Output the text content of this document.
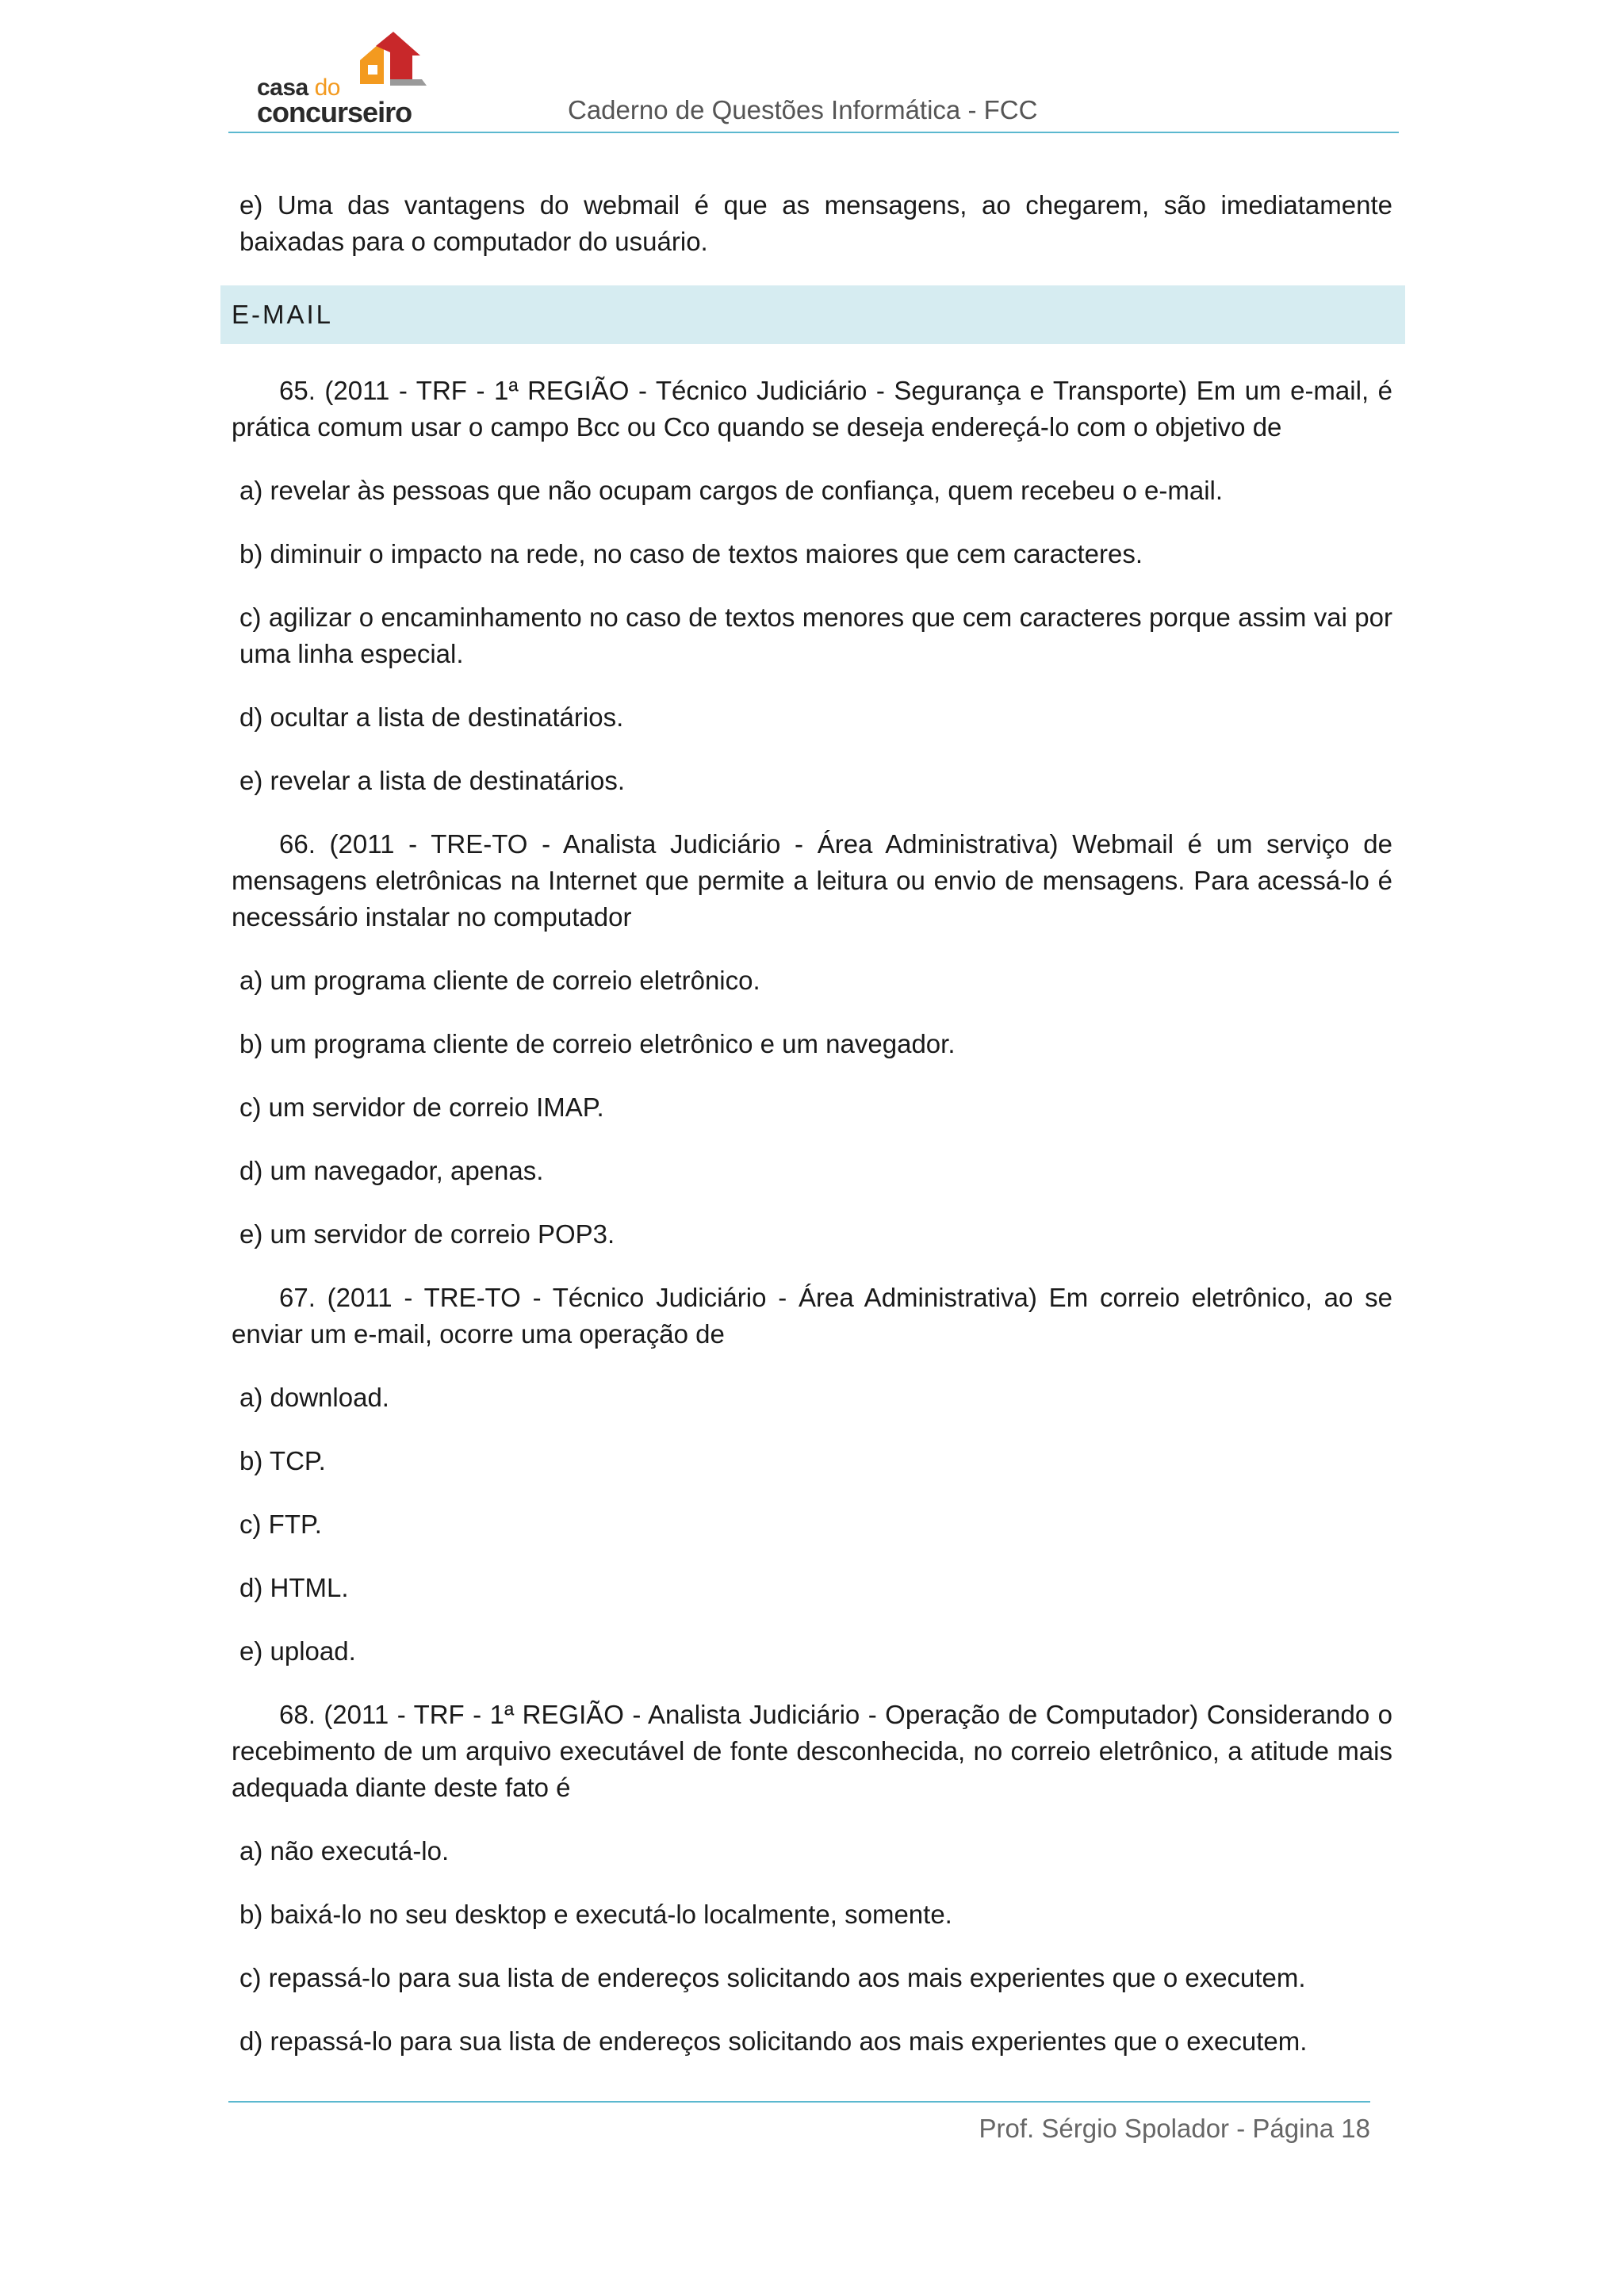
casa do
concurseiro	Caderno de Questões Informática - FCC

e) Uma das vantagens do webmail é que as mensagens, ao chegarem, são imediatamente baixadas para o computador do usuário.

E-MAIL

65. (2011 - TRF - 1ª REGIÃO - Técnico Judiciário - Segurança e Transporte) Em um e-mail, é prática comum usar o campo Bcc ou Cco quando se deseja endereçá-lo com o objetivo de

a) revelar às pessoas que não ocupam cargos de confiança, quem recebeu o e-mail.

b) diminuir o impacto na rede, no caso de textos maiores que cem caracteres.

c) agilizar o encaminhamento no caso de textos menores que cem caracteres porque assim vai por uma linha especial.

d) ocultar a lista de destinatários.

e) revelar a lista de destinatários.

66. (2011 - TRE-TO - Analista Judiciário - Área Administrativa) Webmail é um serviço de mensagens eletrônicas na Internet que permite a leitura ou envio de mensagens. Para acessá-lo é necessário instalar no computador

a) um programa cliente de correio eletrônico.

b) um programa cliente de correio eletrônico e um navegador.

c) um servidor de correio IMAP.

d) um navegador, apenas.

e) um servidor de correio POP3.

67. (2011 - TRE-TO - Técnico Judiciário - Área Administrativa) Em correio eletrônico, ao se enviar um e-mail, ocorre uma operação de

a) download.

b) TCP.

c) FTP.

d) HTML.

e) upload.

68. (2011 - TRF - 1ª REGIÃO - Analista Judiciário - Operação de Computador) Considerando o recebimento de um arquivo executável de fonte desconhecida, no correio eletrônico, a atitude mais adequada diante deste fato é

a) não executá-lo.

b) baixá-lo no seu desktop e executá-lo localmente, somente.

c) repassá-lo para sua lista de endereços solicitando aos mais experientes que o executem.

d) repassá-lo para sua lista de endereços solicitando aos mais experientes que o executem.

Prof. Sérgio Spolador - Página 18
